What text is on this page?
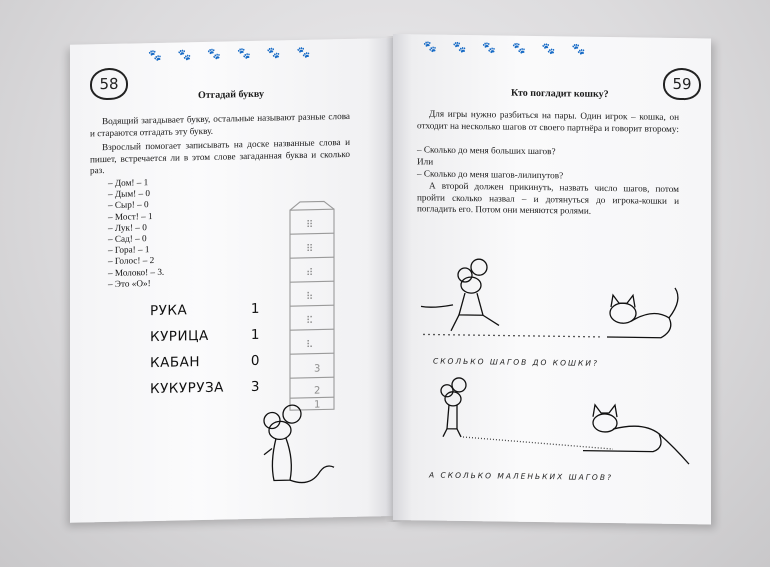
🐾🐾🐾🐾🐾🐾
58
Отгадай букву

Водящий загадывает букву, остальные называют разные слова и стараются отгадать эту букву.

Взрослый помогает записывать на доске названные слова и пишет, встречается ли в этом слове загаданная буква и сколько раз.

– Дом! – 1
– Дым! – 0
– Сыр! – 0
– Мост! – 1
– Лук! – 0
– Сад! – 0
– Гора! – 1
– Голос! – 2
– Молоко! – 3.
– Это «О»!
⠿
⠿
⠾
⠷
⠯
⠧
3
2
1
РУКА	1
КУРИЦА	1
КАБАН	0
КУКУРУЗА 3
🐾🐾🐾🐾🐾🐾
59
Кто погладит кошку?

Для игры нужно разбиться на пары. Один игрок – кошка, он отходит на несколько шагов от своего партнёра и говорит второму:

– Сколько до меня больших шагов?

Или

– Сколько до меня шагов-лилипутов?

А второй должен прикинуть, назвать число шагов, потом пройти сколько назвал – и дотянуться до игрока-кошки и погладить его. Потом они меняются ролями.

СКОЛЬКО ШАГОВ ДО КОШКИ?
А СКОЛЬКО МАЛЕНЬКИХ ШАГОВ?
